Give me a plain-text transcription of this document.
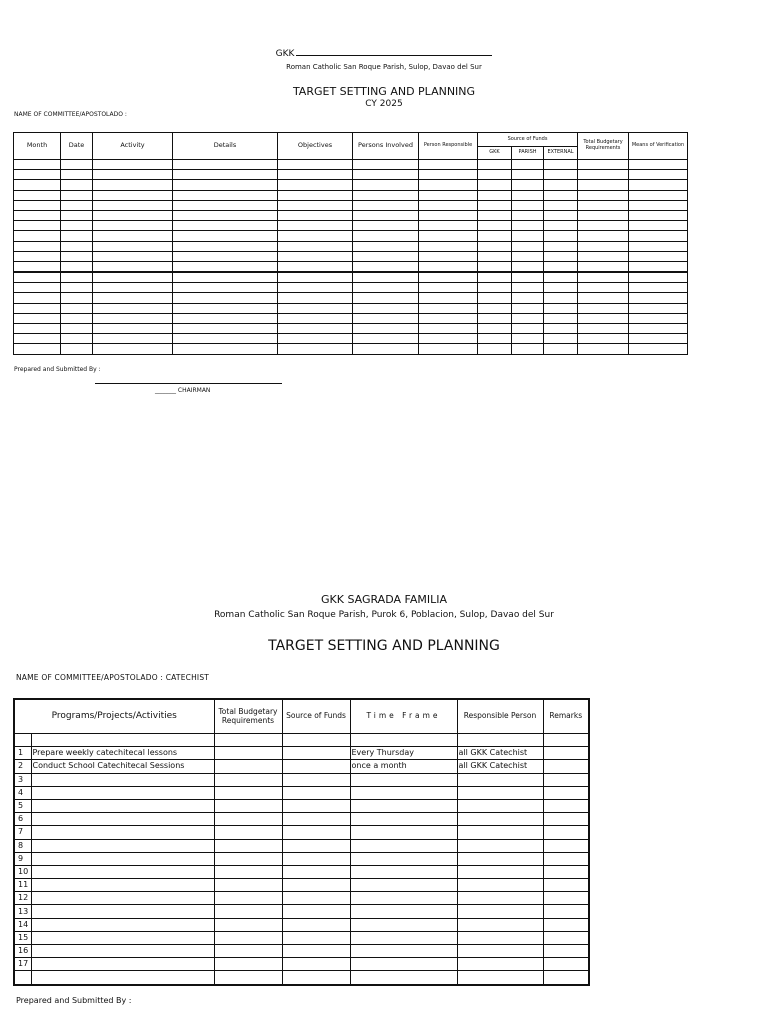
GKK
Roman Catholic San Roque Parish, Sulop, Davao del Sur
TARGET SETTING AND PLANNING
CY 2025
NAME OF COMMITTEE/APOSTOLADO :
Month	Date	Activity	Details	Objectives	Persons Involved	Person Responsible	Source of Funds			Total Budgetary Requirements	Means of Verification
							GKK	PARISH	EXTERNAL		

Prepared and Submitted By :
_______ CHAIRMAN
GKK SAGRADA FAMILIA
Roman Catholic San Roque Parish, Purok 6, Poblacion, Sulop, Davao del Sur
TARGET SETTING AND PLANNING
NAME OF COMMITTEE/APOSTOLADO : CATECHIST
Programs/Projects/Activities		Total Budgetary Requirements	Source of Funds	Time Frame	Responsible Person	Remarks

1	Prepare weekly catechitecal lessons			Every Thursday	all GKK Catechist	
2	Conduct School Catechitecal Sessions			once a month	all GKK Catechist	
3						
4						
5						
6						
7						
8						
9						
10						
11						
12						
13						
14						
15						
16						
17						

Prepared and Submitted By :
